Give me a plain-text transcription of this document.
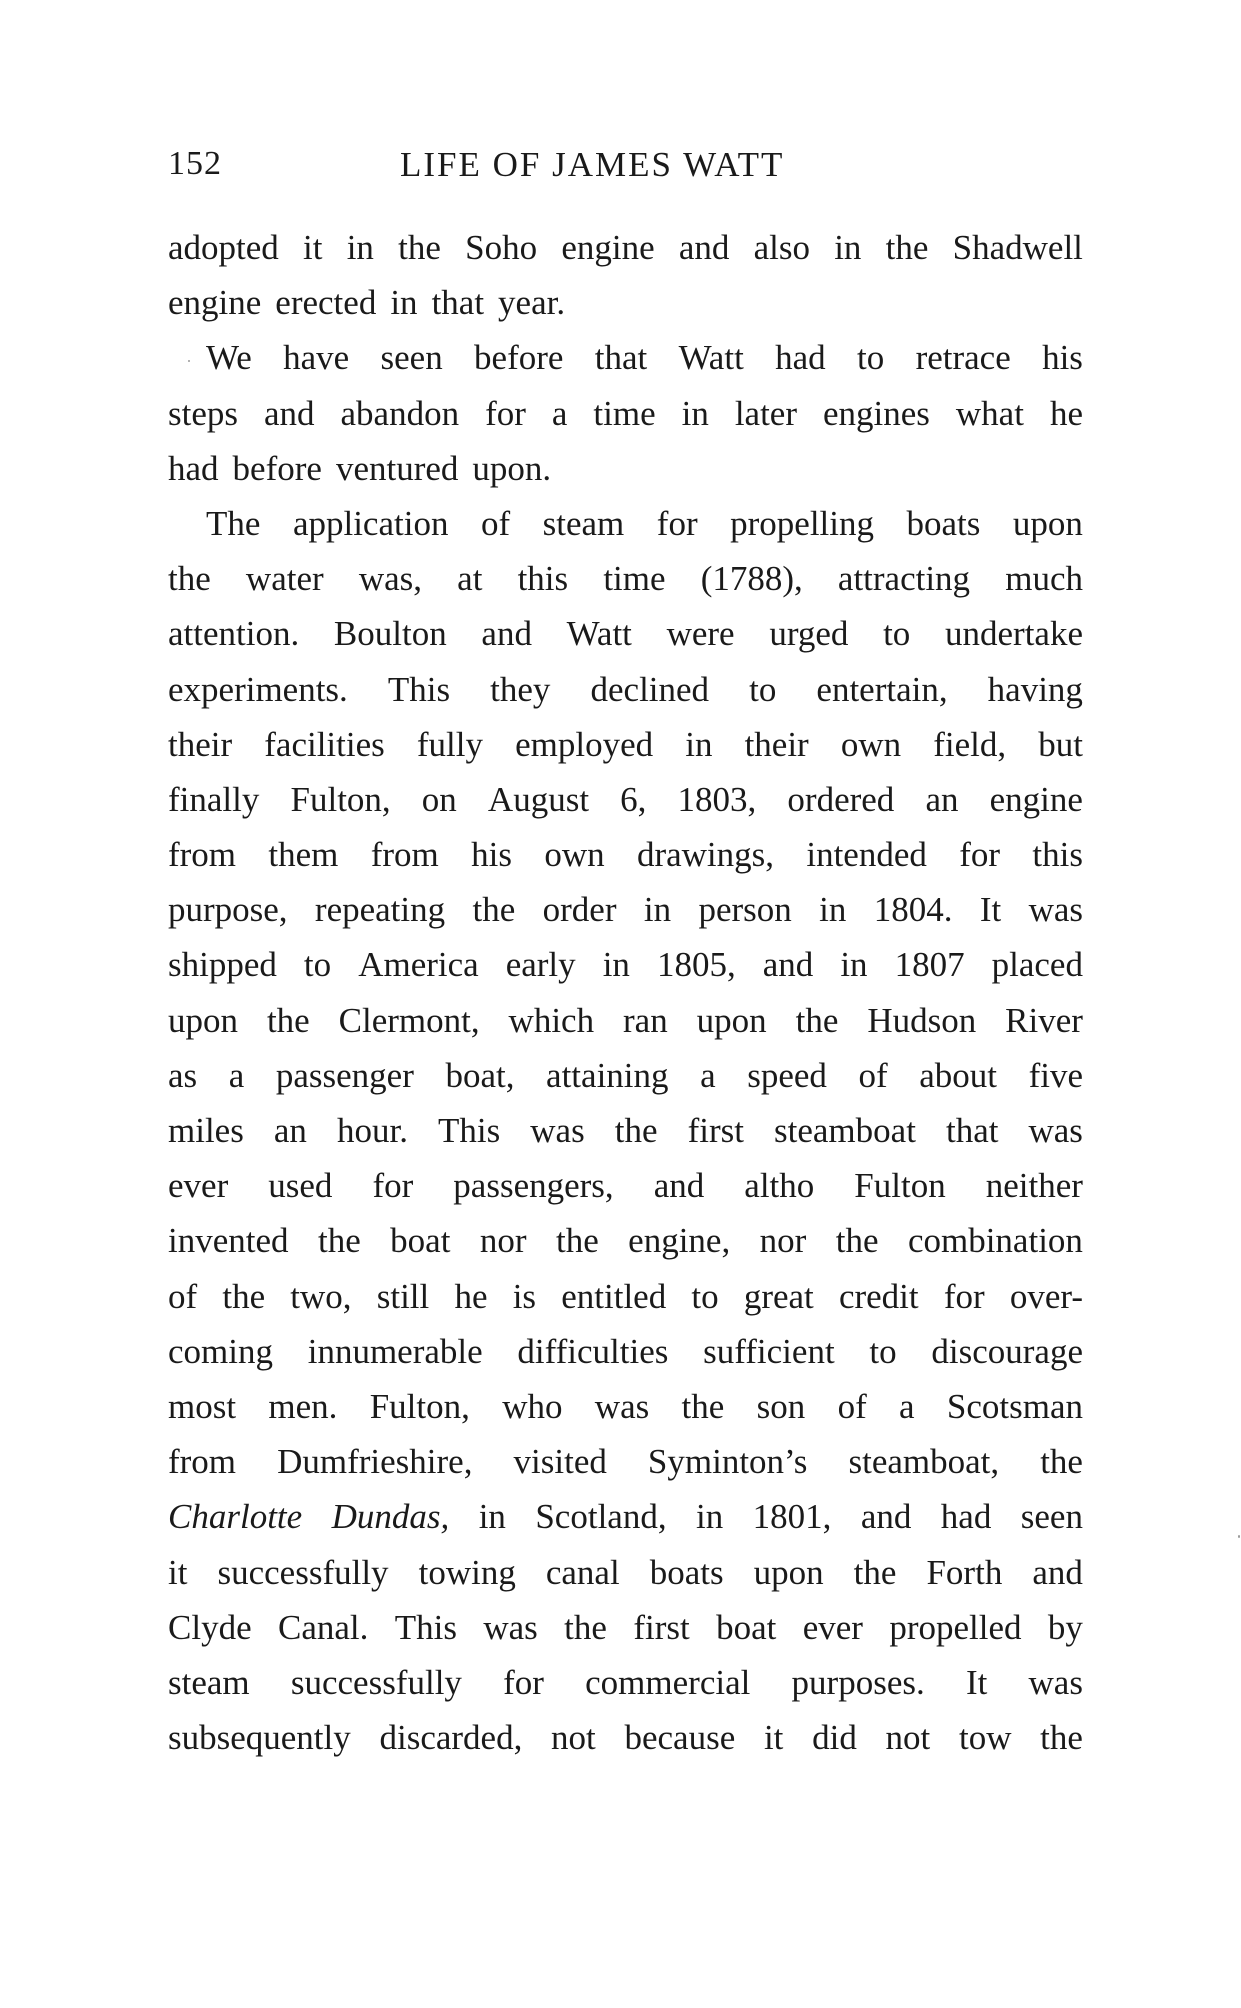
152	LIFE OF JAMES WATT
adopted it in the Soho engine and also in the Shadwell
engine erected in that year.
We have seen before that Watt had to retrace his
steps and abandon for a time in later engines what he
had before ventured upon.
The application of steam for propelling boats upon
the water was, at this time (1788), attracting much
attention. Boulton and Watt were urged to undertake
experiments. This they declined to entertain, having
their facilities fully employed in their own field, but
finally Fulton, on August 6, 1803, ordered an engine
from them from his own drawings, intended for this
purpose, repeating the order in person in 1804. It was
shipped to America early in 1805, and in 1807 placed
upon the Clermont, which ran upon the Hudson River
as a passenger boat, attaining a speed of about five
miles an hour. This was the first steamboat that was
ever used for passengers, and altho Fulton neither
invented the boat nor the engine, nor the combination
of the two, still he is entitled to great credit for over-
coming innumerable difficulties sufficient to discourage
most men. Fulton, who was the son of a Scotsman
from Dumfrieshire, visited Syminton’s steamboat, the
Charlotte Dundas, in Scotland, in 1801, and had seen
it successfully towing canal boats upon the Forth and
Clyde Canal. This was the first boat ever propelled by
steam successfully for commercial purposes. It was
subsequently discarded, not because it did not tow the
